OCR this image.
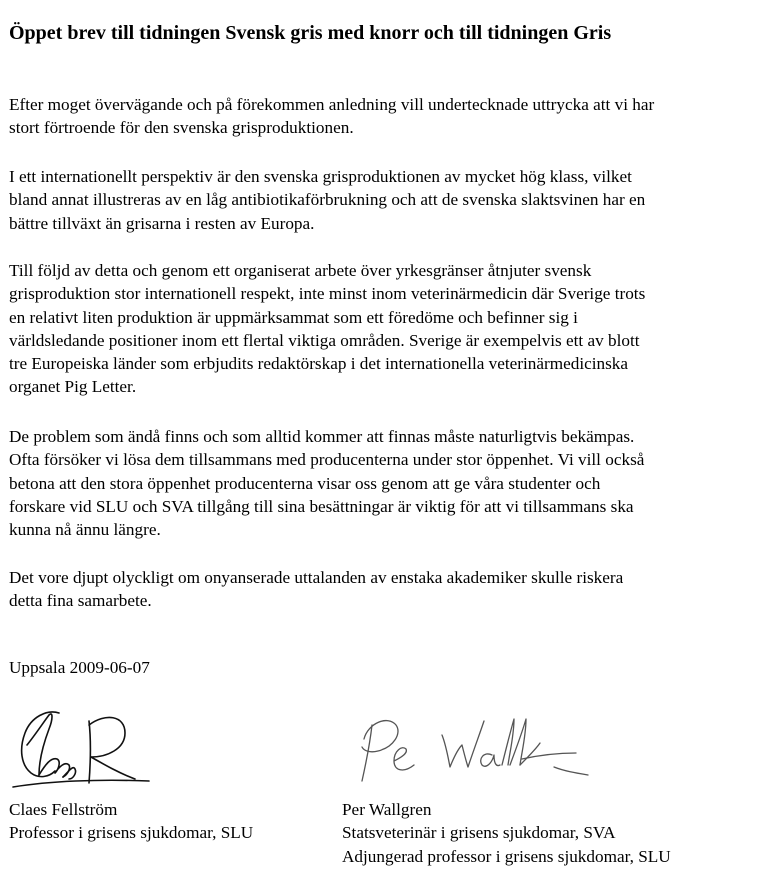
Öppet brev till tidningen Svensk gris med knorr och till tidningen Gris

Efter moget övervägande och på förekommen anledning vill undertecknade uttrycka att vi har
stort förtroende för den svenska grisproduktionen.

I ett internationellt perspektiv är den svenska grisproduktionen av mycket hög klass, vilket
bland annat illustreras av en låg antibiotikaförbrukning och att de svenska slaktsvinen har en
bättre tillväxt än grisarna i resten av Europa.

Till följd av detta och genom ett organiserat arbete över yrkesgränser åtnjuter svensk
grisproduktion stor internationell respekt, inte minst inom veterinärmedicin där Sverige trots
en relativt liten produktion är uppmärksammat som ett föredöme och befinner sig i
världsledande positioner inom ett flertal viktiga områden. Sverige är exempelvis ett av blott
tre Europeiska länder som erbjudits redaktörskap i det internationella veterinärmedicinska
organet Pig Letter.

De problem som ändå finns och som alltid kommer att finnas måste naturligtvis bekämpas.
Ofta försöker vi lösa dem tillsammans med producenterna under stor öppenhet. Vi vill också
betona att den stora öppenhet producenterna visar oss genom att ge våra studenter och
forskare vid SLU och SVA tillgång till sina besättningar är viktig för att vi tillsammans ska
kunna nå ännu längre.

Det vore djupt olyckligt om onyanserade uttalanden av enstaka akademiker skulle riskera
detta fina samarbete.

Uppsala 2009-06-07

Claes Fellström
Professor i grisens sjukdomar, SLU
Per Wallgren
Statsveterinär i grisens sjukdomar, SVA
Adjungerad professor i grisens sjukdomar, SLU
